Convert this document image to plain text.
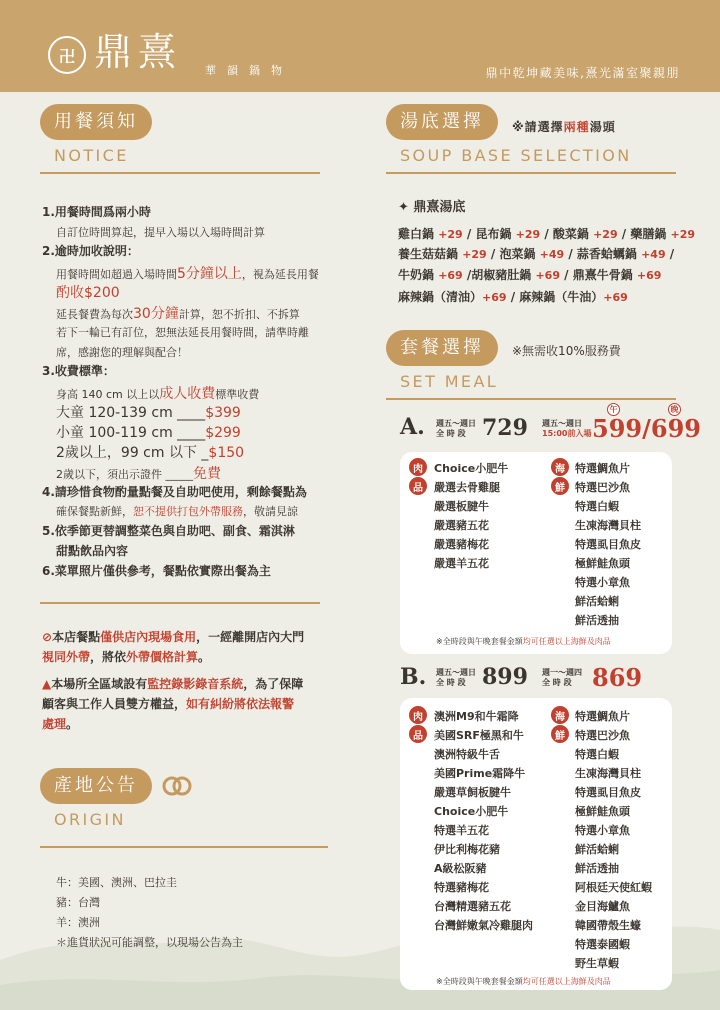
卍 鼎熹 華韻鍋物	鼎中乾坤藏美味,熹光滿室聚親朋
用餐須知
NOTICE
1.用餐時間爲兩小時
自訂位時間算起，提早入場以入場時間計算
2.逾時加收說明：
用餐時間如超過入場時間5分鐘以上，視為延長用餐
酌收$200
延長餐費為每次30分鐘計算，恕不折扣、不拆算
若下一輪已有訂位，恕無法延長用餐時間，請準時離
席，感謝您的理解與配合！
3.收費標準：
身高 140 cm 以上以成人收費標準收費
大童 120-139 cm ____$399
小童 100-119 cm ____$299
2歲以上，99 cm 以下 _$150
2歲以下，須出示證件 _____免費
4.請珍惜食物酌量點餐及自助吧使用，剩餘餐點為
確保餐點新鮮，恕不提供打包外帶服務，敬請見諒
5.依季節更替調整菜色與自助吧、副食、霜淇淋
甜點飲品內容
6.菜單照片僅供參考，餐點依實際出餐為主
⊘本店餐點僅供店內現場食用，一經離開店內大門
視同外帶，將依外帶價格計算。
▲本場所全區域設有監控錄影錄音系統，為了保障
顧客與工作人員雙方權益，如有糾紛將依法報警
處理。
產地公告
ORIGIN
牛：美國、澳洲、巴拉圭
豬：台灣
羊：澳洲
＊進貨狀況可能調整，以現場公告為主
湯底選擇	※請選擇兩種湯頭
SOUP BASE SELECTION
✦ 鼎熹湯底
雞白鍋 +29 / 昆布鍋 +29 / 酸菜鍋 +29 / 藥膳鍋 +29
養生菇菇鍋 +29 / 泡菜鍋 +49 / 蒜香蛤蠣鍋 +49 /
牛奶鍋 +69 /胡椒豬肚鍋 +69 / 鼎熹牛骨鍋 +69
麻辣鍋（清油）+69 / 麻辣鍋（牛油）+69
套餐選擇	※無需收10%服務費
SET MEAL
A. 週五～週日
全 時 段 729 週五～週日
15:00前入場
午	晚
599/699
肉
品
海
鮮
Choice小肥牛
嚴選去骨雞腿
嚴選板腱牛
嚴選豬五花
嚴選豬梅花
嚴選羊五花
特選鯛魚片
特選巴沙魚
特選白蝦
生凍海灣貝柱
特選虱目魚皮
極鮮鮭魚頭
特選小章魚
鮮活蛤蜊
鮮活透抽
※全時段與午晚套餐金額均可任選以上海鮮及肉品
B. 週五～週日
全 時 段 899 週一～週四
全 時 段 869
肉
品
海
鮮
澳洲M9和牛霜降
美國SRF極黑和牛
澳洲特級牛舌
美國Prime霜降牛
嚴選草飼板腱牛
Choice小肥牛
特選羊五花
伊比利梅花豬
A級松阪豬
特選豬梅花
台灣精選豬五花
台灣鮮嫩氣冷雞腿肉
特選鯛魚片
特選巴沙魚
特選白蝦
生凍海灣貝柱
特選虱目魚皮
極鮮鮭魚頭
特選小章魚
鮮活蛤蜊
鮮活透抽
阿根廷天使紅蝦
金目海鱸魚
韓國帶殼生蠔
特選泰國蝦
野生草蝦
※全時段與午晚套餐金額均可任選以上海鮮及肉品
